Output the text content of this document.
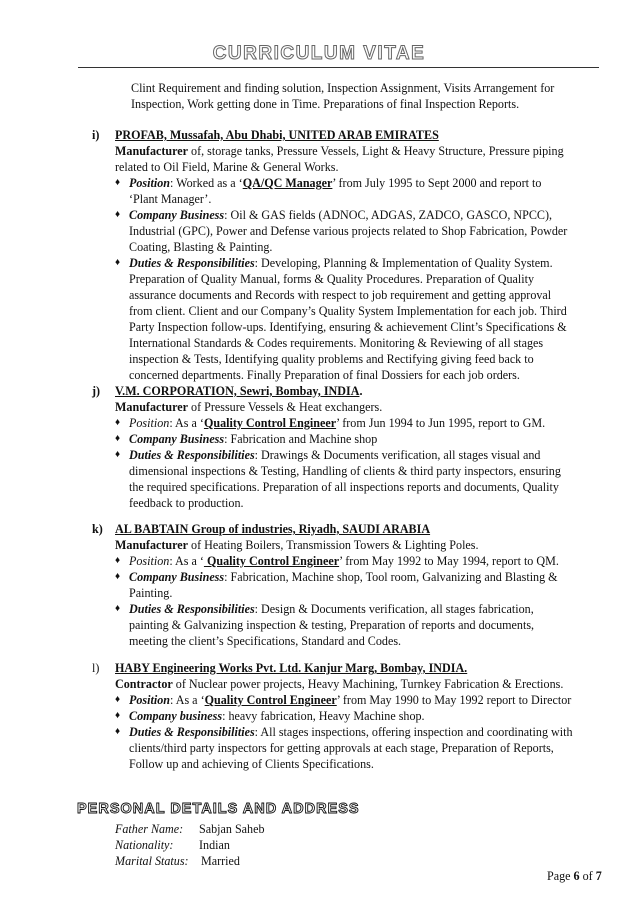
CURRICULUM VITAE
Clint Requirement and finding solution, Inspection Assignment, Visits Arrangement for
Inspection, Work getting done in Time. Preparations of final Inspection Reports.
i)	PROFAB, Mussafah, Abu Dhabi, UNITED ARAB EMIRATES
Manufacturer of, storage tanks, Pressure Vessels, Light & Heavy Structure, Pressure piping
related to Oil Field, Marine & General Works.
♦ Position: Worked as a ‘QA/QC Manager’ from July 1995 to Sept 2000 and report to
‘Plant Manager’.
♦ Company Business: Oil & GAS fields (ADNOC, ADGAS, ZADCO, GASCO, NPCC),
Industrial (GPC), Power and Defense various projects related to Shop Fabrication, Powder
Coating, Blasting & Painting.
♦ Duties & Responsibilities: Developing, Planning & Implementation of Quality System.
Preparation of Quality Manual, forms & Quality Procedures. Preparation of Quality
assurance documents and Records with respect to job requirement and getting approval
from client. Client and our Company’s Quality System Implementation for each job. Third
Party Inspection follow-ups. Identifying, ensuring & achievement Clint’s Specifications &
International Standards & Codes requirements. Monitoring & Reviewing of all stages
inspection & Tests, Identifying quality problems and Rectifying giving feed back to
concerned departments. Finally Preparation of final Dossiers for each job orders.
j)	V.M. CORPORATION, Sewri, Bombay, INDIA.
Manufacturer of Pressure Vessels & Heat exchangers.
♦ Position: As a ‘Quality Control Engineer’ from Jun 1994 to Jun 1995, report to GM.
♦ Company Business: Fabrication and Machine shop
♦ Duties & Responsibilities: Drawings & Documents verification, all stages visual and
dimensional inspections & Testing, Handling of clients & third party inspectors, ensuring
the required specifications. Preparation of all inspections reports and documents, Quality
feedback to production.
k)	AL BABTAIN Group of industries, Riyadh, SAUDI ARABIA
Manufacturer of Heating Boilers, Transmission Towers & Lighting Poles.
♦ Position: As a ‘ Quality Control Engineer’ from May 1992 to May 1994, report to QM.
♦ Company Business: Fabrication, Machine shop, Tool room, Galvanizing and Blasting &
Painting.
♦ Duties & Responsibilities: Design & Documents verification, all stages fabrication,
painting & Galvanizing inspection & testing, Preparation of reports and documents,
meeting the client’s Specifications, Standard and Codes.
l)	HABY Engineering Works Pvt. Ltd. Kanjur Marg, Bombay, INDIA.
Contractor of Nuclear power projects, Heavy Machining, Turnkey Fabrication & Erections.
♦ Position: As a ‘Quality Control Engineer’ from May 1990 to May 1992 report to Director
♦ Company business: heavy fabrication, Heavy Machine shop.
♦ Duties & Responsibilities: All stages inspections, offering inspection and coordinating with
clients/third party inspectors for getting approvals at each stage, Preparation of Reports,
Follow up and achieving of Clients Specifications.
PERSONAL DETAILS AND ADDRESS
Father Name:	Sabjan Saheb
Nationality:	Indian
Marital Status:	Married
Page 6 of 7
